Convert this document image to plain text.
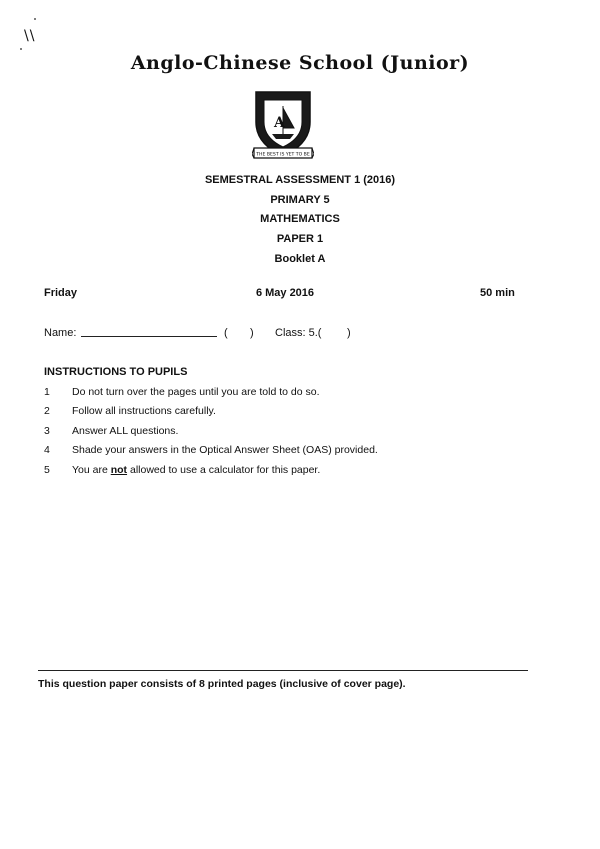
\\
Anglo-Chinese School (Junior)
A
THE BEST IS YET TO BE
SEMESTRAL ASSESSMENT 1 (2016)
PRIMARY 5
MATHEMATICS
PAPER 1
Booklet A
Friday	6 May 2016	50 min
Name:	( ) Class: 5.( )
INSTRUCTIONS TO PUPILS
1 Do not turn over the pages until you are told to do so.
2 Follow all instructions carefully.
3 Answer ALL questions.
4 Shade your answers in the Optical Answer Sheet (OAS) provided.
5 You are not allowed to use a calculator for this paper.
This question paper consists of 8 printed pages (inclusive of cover page).
